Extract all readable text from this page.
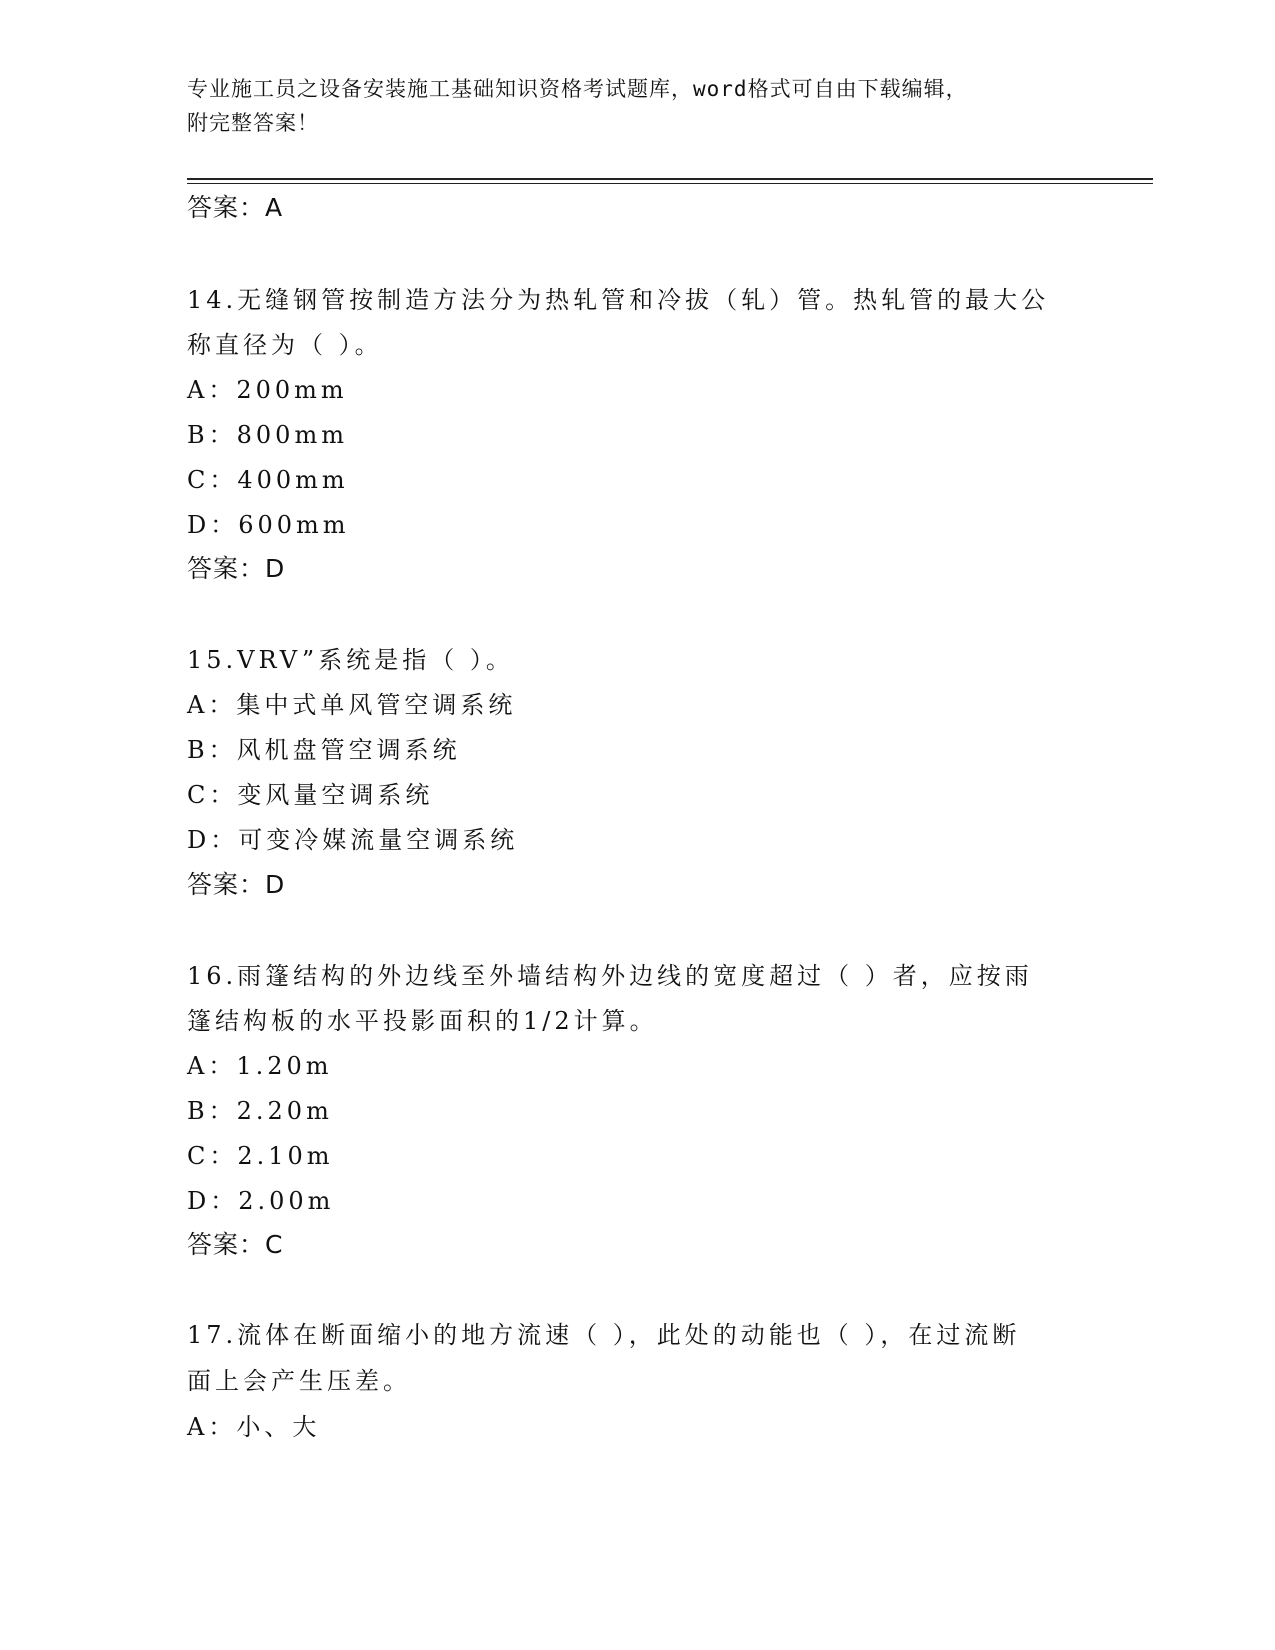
专业施工员之设备安装施工基础知识资格考试题库，word格式可自由下载编辑，
附完整答案！
答案：A
14.无缝钢管按制造方法分为热轧管和冷拔（轧）管。热轧管的最大公
称直径为（ ）。
A：200mm
B：800mm
C：400mm
D：600mm
答案：D
15.VRV”系统是指（ ）。
A：集中式单风管空调系统
B：风机盘管空调系统
C：变风量空调系统
D：可变冷媒流量空调系统
答案：D
16.雨篷结构的外边线至外墙结构外边线的宽度超过（ ）者，应按雨
篷结构板的水平投影面积的1/2计算。
A：1.20m
B：2.20m
C：2.10m
D：2.00m
答案：C
17.流体在断面缩小的地方流速（ ），此处的动能也（ ），在过流断
面上会产生压差。
A：小、大
